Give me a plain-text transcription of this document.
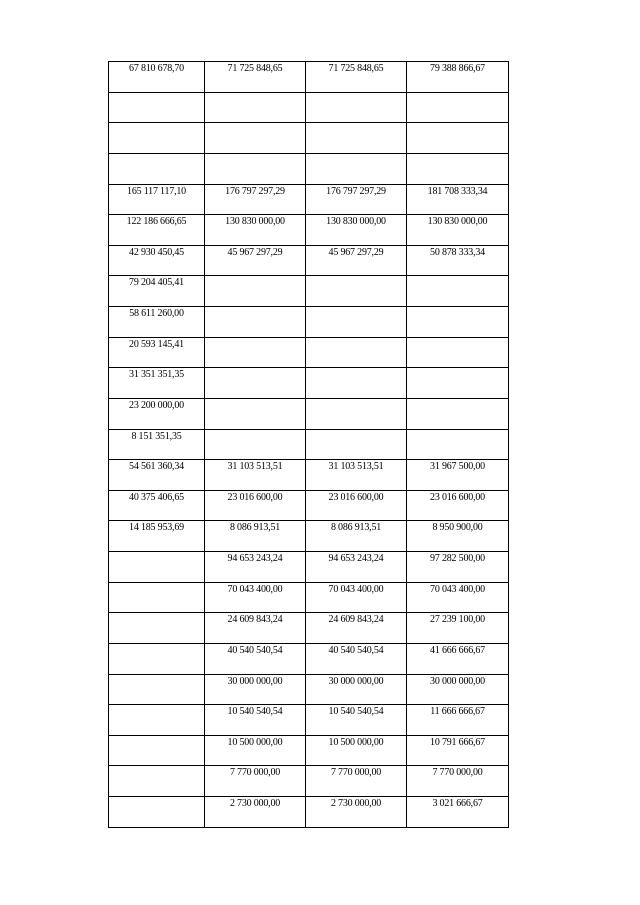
67 810 678,70	71 725 848,65	71 725 848,65	79 388 866,67

165 117 117,10	176 797 297,29	176 797 297,29	181 708 333,34

122 186 666,65	130 830 000,00	130 830 000,00	130 830 000,00

42 930 450,45	45 967 297,29	45 967 297,29	50 878 333,34

79 204 405,41			

58 611 260,00			

20 593 145,41			

31 351 351,35			

23 200 000,00			

8 151 351,35			

54 561 360,34	31 103 513,51	31 103 513,51	31 967 500,00

40 375 406,65	23 016 600,00	23 016 600,00	23 016 600,00

14 185 953,69	8 086 913,51	8 086 913,51	8 950 900,00

	94 653 243,24	94 653 243,24	97 282 500,00

	70 043 400,00	70 043 400,00	70 043 400,00

	24 609 843,24	24 609 843,24	27 239 100,00

	40 540 540,54	40 540 540,54	41 666 666,67

	30 000 000,00	30 000 000,00	30 000 000,00

	10 540 540,54	10 540 540,54	11 666 666,67

	10 500 000,00	10 500 000,00	10 791 666,67

	7 770 000,00	7 770 000,00	7 770 000,00

	2 730 000,00	2 730 000,00	3 021 666,67
